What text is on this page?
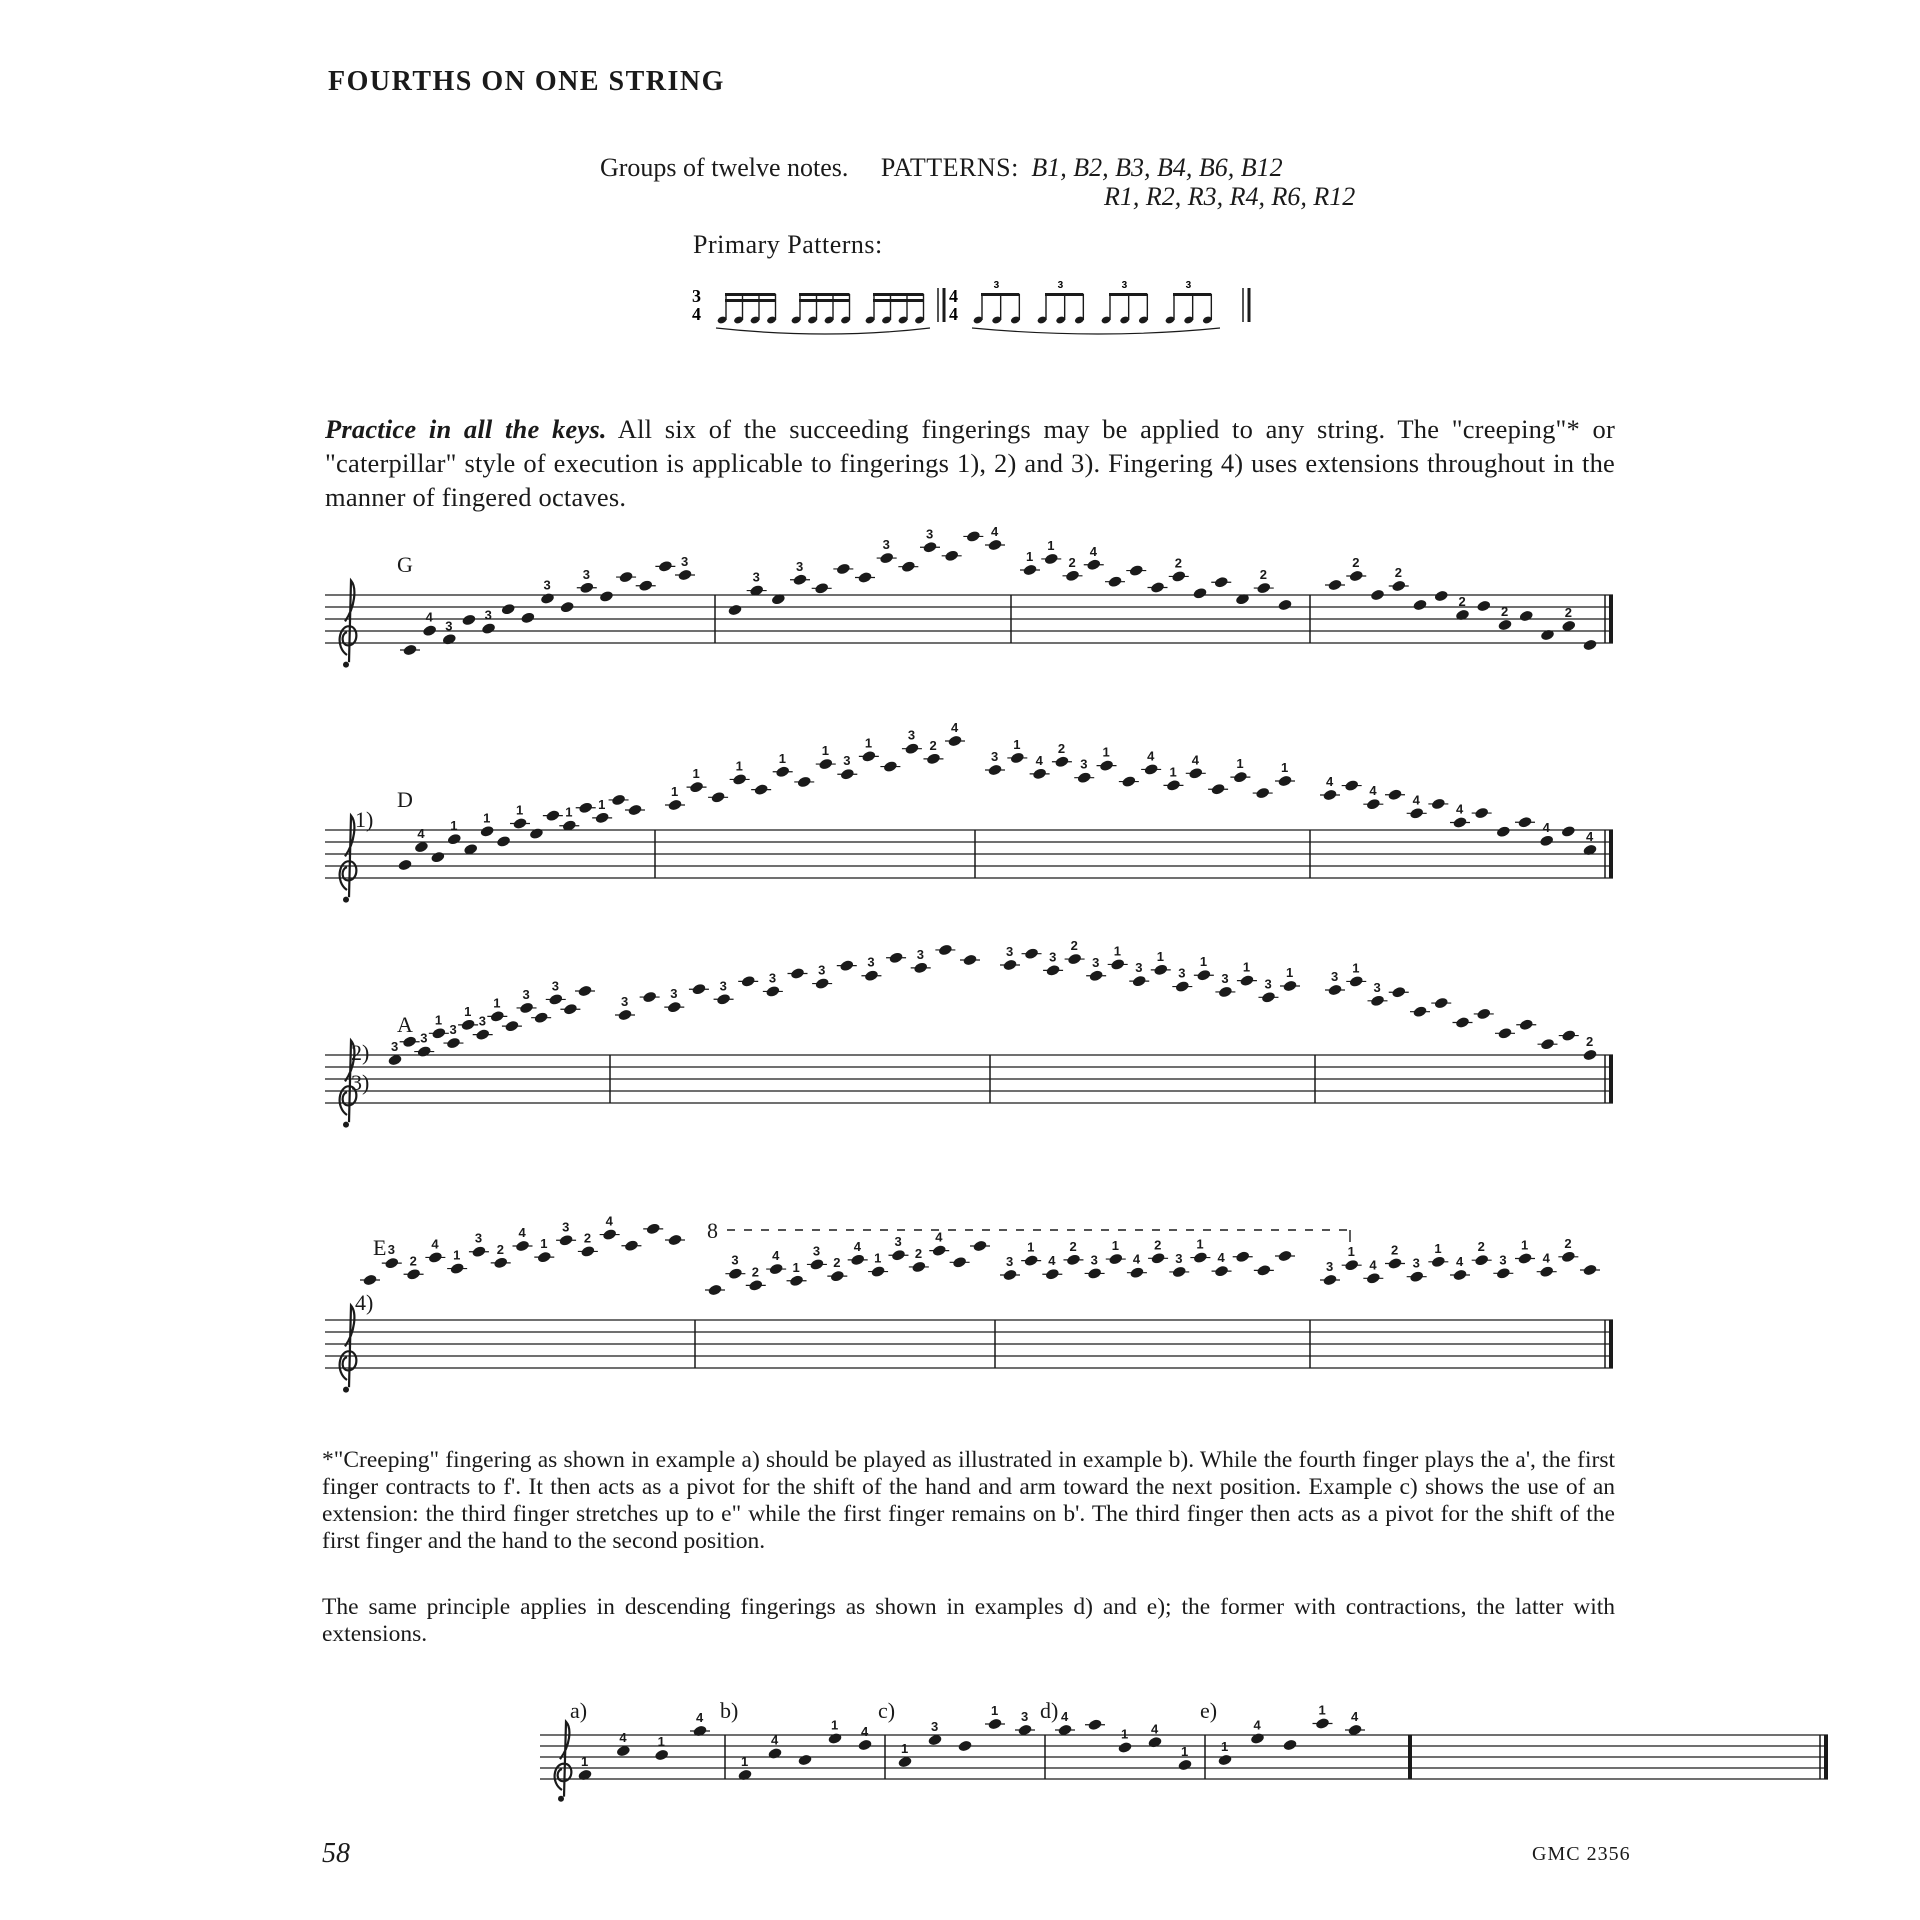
FOURTHS ON ONE STRING
Groups of twelve notes. PATTERNS: B1, B2, B3, B4, B6, B12
R1, R2, R3, R4, R6, R12
Primary Patterns:
3
4
4
4
3	3	3	3
Practice in all the keys. All six of the succeeding fingerings may be applied to any string. The "creeping"* or "caterpillar" style of execution is applicable to fingerings 1), 2) and 3). Fingering 4) uses extensions throughout in the manner of fingered octaves.
G
4
3
3
3
3
3
3
3
3
3	4
1
1
2
4
2
2
2
2
2
2	2
D
1)
4
1
1
1	1
1
1
1
1
1
1
3
1
3
2
4
3
1
4
2
3
1	4
1
4	1	1
4
4
4
4
4
4
A
2)
3)
3
3
1
3
1
3
1
3
3
3
3
3
3
3
3
3	3	3
2
3
1
3
1
3
1
3
1
3
1	3
1
3
2
E
4)
8
3
2
4
1
3
2
4
1
3
2
4
3
2
4
1
3
2
4
1
3
2
4
3
1
4
2
3
1
4
2
3
1
4
3
1
4
2
3
1
4
2
3
1
4
2
*"Creeping" fingering as shown in example a) should be played as illustrated in example b). While the fourth finger plays the a', the first finger contracts to f'. It then acts as a pivot for the shift of the hand and arm toward the next position. Example c) shows the use of an extension: the third finger stretches up to e" while the first finger remains on b'. The third finger then acts as a pivot for the shift of the first finger and the hand to the second position.
The same principle applies in descending fingerings as shown in examples d) and e); the former with contractions, the latter with extensions.
a)	b)	c)	d)	e)
1
4 1
4
1
4
1 4
1
3
1 3	4
1 4
1	1
4
1 4
58	GMC 2356
